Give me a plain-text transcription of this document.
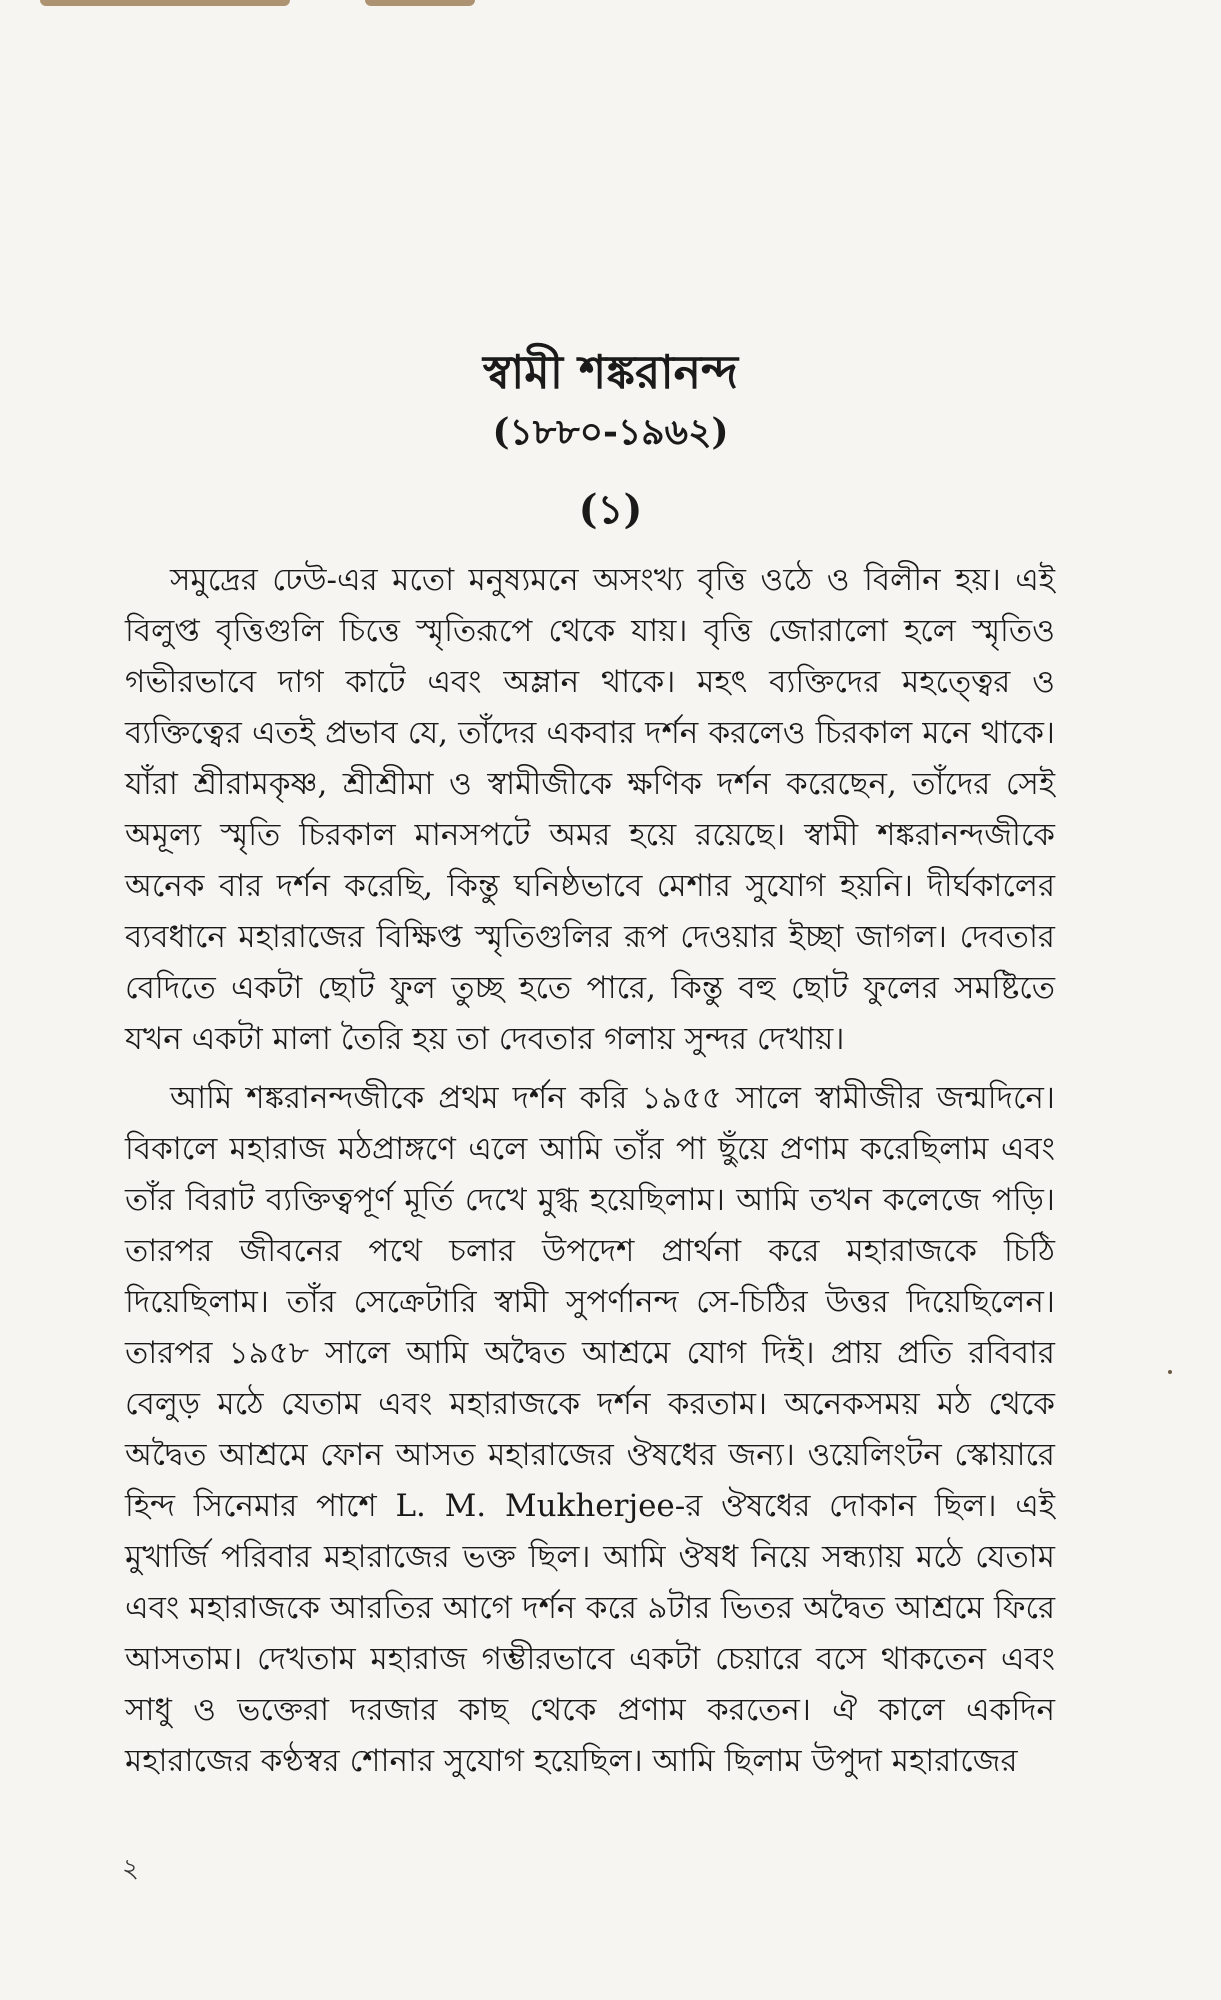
স্বামী শঙ্করানন্দ
(১৮৮০-১৯৬২)
(১)

সমুদ্রের ঢেউ-এর মতো মনুষ্যমনে অসংখ্য বৃত্তি ওঠে ও বিলীন হয়। এই বিলুপ্ত বৃত্তিগুলি চিত্তে স্মৃতিরূপে থেকে যায়। বৃত্তি জোরালো হলে স্মৃতিও গভীরভাবে দাগ কাটে এবং অম্লান থাকে। মহৎ ব্যক্তিদের মহত্ত্বের ও ব্যক্তিত্বের এতই প্রভাব যে, তাঁদের একবার দর্শন করলেও চিরকাল মনে থাকে। যাঁরা শ্রীরামকৃষ্ণ, শ্রীশ্রীমা ও স্বামীজীকে ক্ষণিক দর্শন করেছেন, তাঁদের সেই অমূল্য স্মৃতি চিরকাল মানসপটে অমর হয়ে রয়েছে। স্বামী শঙ্করানন্দজীকে অনেক বার দর্শন করেছি, কিন্তু ঘনিষ্ঠভাবে মেশার সুযোগ হয়নি। দীর্ঘকালের ব্যবধানে মহারাজের বিক্ষিপ্ত স্মৃতিগুলির রূপ দেওয়ার ইচ্ছা জাগল। দেবতার বেদিতে একটা ছোট ফুল তুচ্ছ হতে পারে, কিন্তু বহু ছোট ফুলের সমষ্টিতে যখন একটা মালা তৈরি হয় তা দেবতার গলায় সুন্দর দেখায়।

আমি শঙ্করানন্দজীকে প্রথম দর্শন করি ১৯৫৫ সালে স্বামীজীর জন্মদিনে। বিকালে মহারাজ মঠপ্রাঙ্গণে এলে আমি তাঁর পা ছুঁয়ে প্রণাম করেছিলাম এবং তাঁর বিরাট ব্যক্তিত্বপূর্ণ মূর্তি দেখে মুগ্ধ হয়েছিলাম। আমি তখন কলেজে পড়ি। তারপর জীবনের পথে চলার উপদেশ প্রার্থনা করে মহারাজকে চিঠি দিয়েছিলাম। তাঁর সেক্রেটারি স্বামী সুপর্ণানন্দ সে-চিঠির উত্তর দিয়েছিলেন। তারপর ১৯৫৮ সালে আমি অদ্বৈত আশ্রমে যোগ দিই। প্রায় প্রতি রবিবার বেলুড় মঠে যেতাম এবং মহারাজকে দর্শন করতাম। অনেকসময় মঠ থেকে অদ্বৈত আশ্রমে ফোন আসত মহারাজের ঔষধের জন্য। ওয়েলিংটন স্কোয়ারে হিন্দ সিনেমার পাশে L. M. Mukherjee-র ঔষধের দোকান ছিল। এই মুখার্জি পরিবার মহারাজের ভক্ত ছিল। আমি ঔষধ নিয়ে সন্ধ্যায় মঠে যেতাম এবং মহারাজকে আরতির আগে দর্শন করে ৯টার ভিতর অদ্বৈত আশ্রমে ফিরে আসতাম। দেখতাম মহারাজ গম্ভীরভাবে একটা চেয়ারে বসে থাকতেন এবং সাধু ও ভক্তেরা দরজার কাছ থেকে প্রণাম করতেন। ঐ কালে একদিন মহারাজের কণ্ঠস্বর শোনার সুযোগ হয়েছিল। আমি ছিলাম উপুদা মহারাজের

২
